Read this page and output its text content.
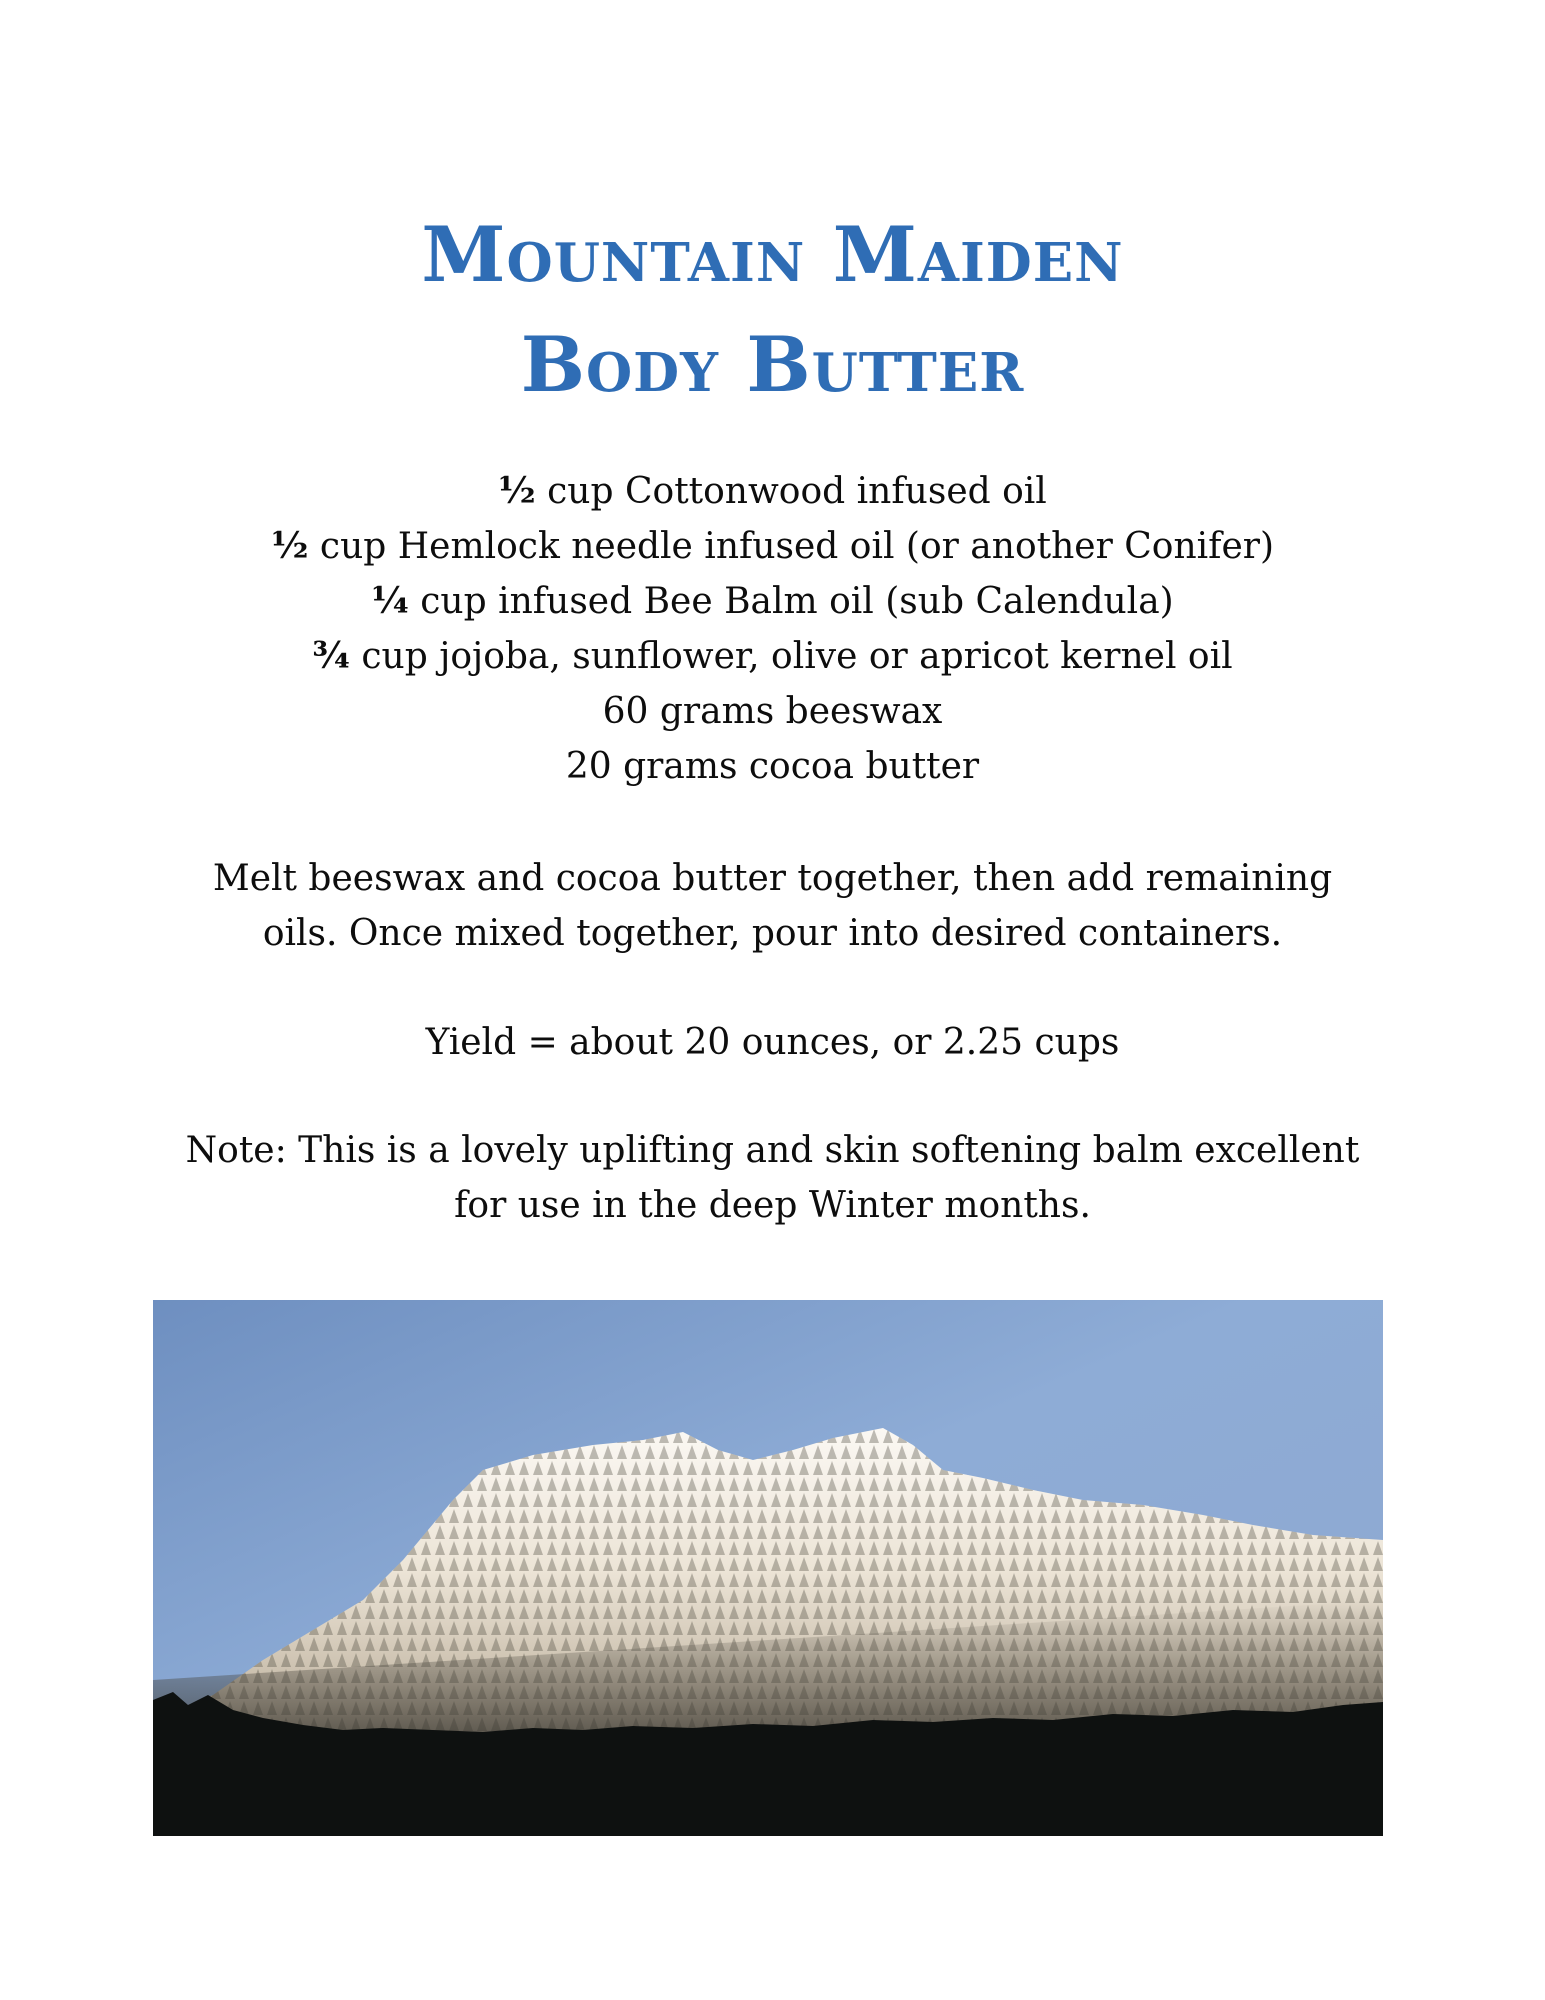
Mountain Maiden
Body Butter
½ cup Cottonwood infused oil
½ cup Hemlock needle infused oil (or another Conifer)
¼ cup infused Bee Balm oil (sub Calendula)
¾ cup jojoba, sunflower, olive or apricot kernel oil
60 grams beeswax
20 grams cocoa butter

Melt beeswax and cocoa butter together, then add remaining
oils. Once mixed together, pour into desired containers.

Yield = about 20 ounces, or 2.25 cups

Note: This is a lovely uplifting and skin softening balm excellent
for use in the deep Winter months.
